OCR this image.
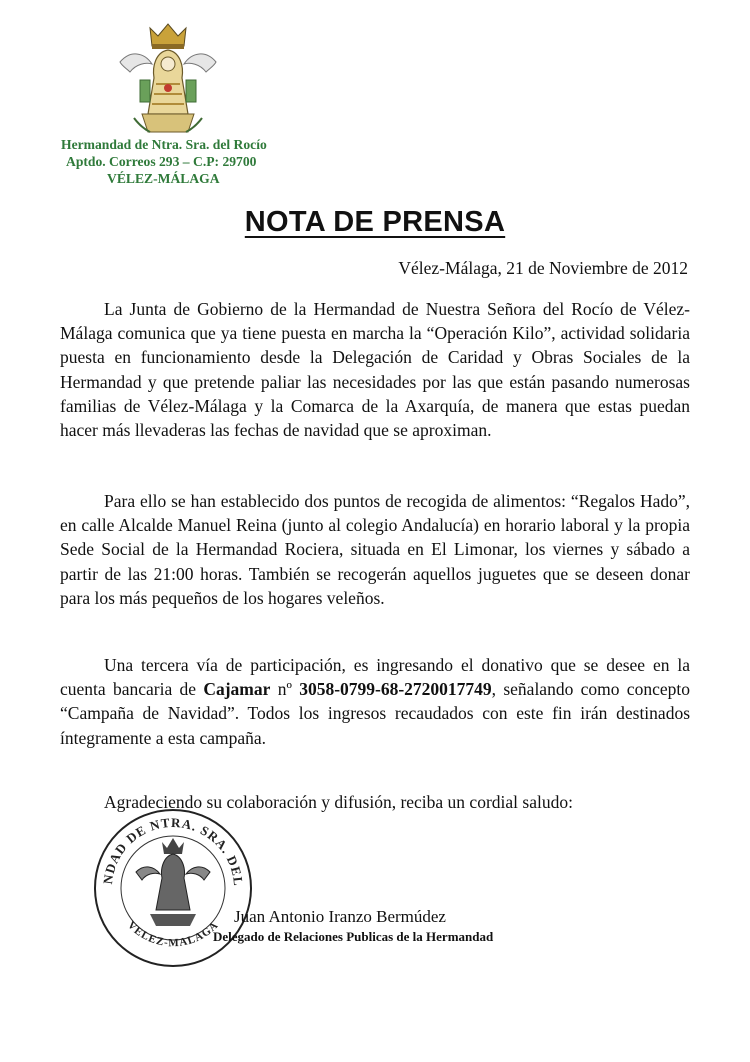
Hermandad de Ntra. Sra. del Rocío
Aptdo. Correos 293 – C.P: 29700
VÉLEZ-MÁLAGA
NOTA DE PRENSA
Vélez-Málaga, 21 de Noviembre de 2012

La Junta de Gobierno de la Hermandad de Nuestra Señora del Rocío de Vélez-Málaga comunica que ya tiene puesta en marcha la “Operación Kilo”, actividad solidaria puesta en funcionamiento desde la Delegación de Caridad y Obras Sociales de la Hermandad y que pretende paliar las necesidades por las que están pasando numerosas familias de Vélez-Málaga y la Comarca de la Axarquía, de manera que estas puedan hacer más llevaderas las fechas de navidad que se aproximan.

Para ello se han establecido dos puntos de recogida de alimentos: “Regalos Hado”, en calle Alcalde Manuel Reina (junto al colegio Andalucía) en horario laboral y la propia Sede Social de la Hermandad Rociera, situada en El Limonar, los viernes y sábado a partir de las 21:00 horas. También se recogerán aquellos juguetes que se deseen donar para los más pequeños de los hogares veleños.

Una tercera vía de participación, es ingresando el donativo que se desee en la cuenta bancaria de Cajamar nº 3058-0799-68-2720017749, señalando como concepto “Campaña de Navidad”. Todos los ingresos recaudados con este fin irán destinados íntegramente a esta campaña.

Agradeciendo su colaboración y difusión, reciba un cordial saludo:
NDAD DE NTRA. SRA. DEL
VELEZ-MALAGA
Juan Antonio Iranzo Bermúdez
Delegado de Relaciones Publicas de la Hermandad
